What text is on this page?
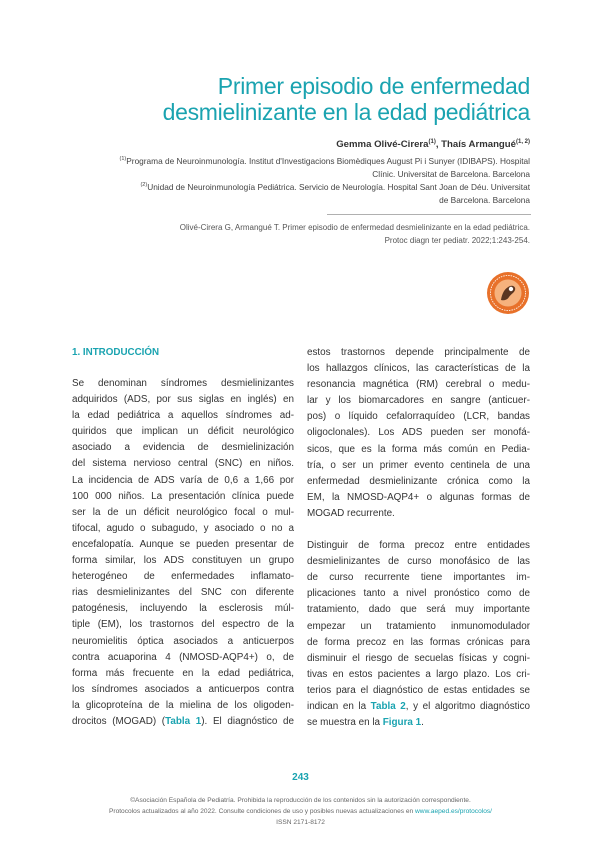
Primer episodio de enfermedad
desmielinizante en la edad pediátrica
Gemma Olivé-Cirera$^{(1)}$, Thaís Armangué$^{(1, 2)}$
$^{(1)}$Programa de Neuroinmunología. Institut d'Investigacions Biomèdiques August Pi i Sunyer (IDIBAPS). Hospital
Clínic. Universitat de Barcelona. Barcelona
$^{(2)}$Unidad de Neuroinmunología Pediátrica. Servicio de Neurología. Hospital Sant Joan de Déu. Universitat
de Barcelona. Barcelona
Olivé-Cirera G, Armangué T. Primer episodio de enfermedad desmielinizante en la edad pediátrica.
Protoc diagn ter pediatr. 2022;1:243-254.
1. INTRODUCCIÓN

Se denominan síndromes desmielinizantes
adquiridos (ADS, por sus siglas en inglés) en
la edad pediátrica a aquellos síndromes ad-
quiridos que implican un déficit neurológico
asociado a evidencia de desmielinización
del sistema nervioso central (SNC) en niños.
La incidencia de ADS varía de 0,6 a 1,66 por
100 000 niños. La presentación clínica puede
ser la de un déficit neurológico focal o mul-
tifocal, agudo o subagudo, y asociado o no a
encefalopatía. Aunque se pueden presentar de
forma similar, los ADS constituyen un grupo
heterogéneo de enfermedades inflamato-
rias desmielinizantes del SNC con diferente
patogénesis, incluyendo la esclerosis múl-
tiple (EM), los trastornos del espectro de la
neuromielitis óptica asociados a anticuerpos
contra acuaporina 4 (NMOSD-AQP4+) o, de
forma más frecuente en la edad pediátrica,
los síndromes asociados a anticuerpos contra
la glicoproteína de la mielina de los oligoden-
drocitos (MOGAD) (Tabla 1). El diagnóstico de

estos trastornos depende principalmente de
los hallazgos clínicos, las características de la
resonancia magnética (RM) cerebral o medu-
lar y los biomarcadores en sangre (anticuer-
pos) o líquido cefalorraquídeo (LCR, bandas
oligoclonales). Los ADS pueden ser monofá-
sicos, que es la forma más común en Pedia-
tría, o ser un primer evento centinela de una
enfermedad desmielinizante crónica como la
EM, la NMOSD-AQP4+ o algunas formas de
MOGAD recurrente.

Distinguir de forma precoz entre entidades
desmielinizantes de curso monofásico de las
de curso recurrente tiene importantes im-
plicaciones tanto a nivel pronóstico como de
tratamiento, dado que será muy importante
empezar un tratamiento inmunomodulador
de forma precoz en las formas crónicas para
disminuir el riesgo de secuelas físicas y cogni-
tivas en estos pacientes a largo plazo. Los cri-
terios para el diagnóstico de estas entidades se
indican en la Tabla 2, y el algoritmo diagnóstico
se muestra en la Figura 1.

243
©Asociación Española de Pediatría. Prohibida la reproducción de los contenidos sin la autorización correspondiente.
Protocolos actualizados al año 2022. Consulte condiciones de uso y posibles nuevas actualizaciones en www.aeped.es/protocolos/
ISSN 2171-8172
